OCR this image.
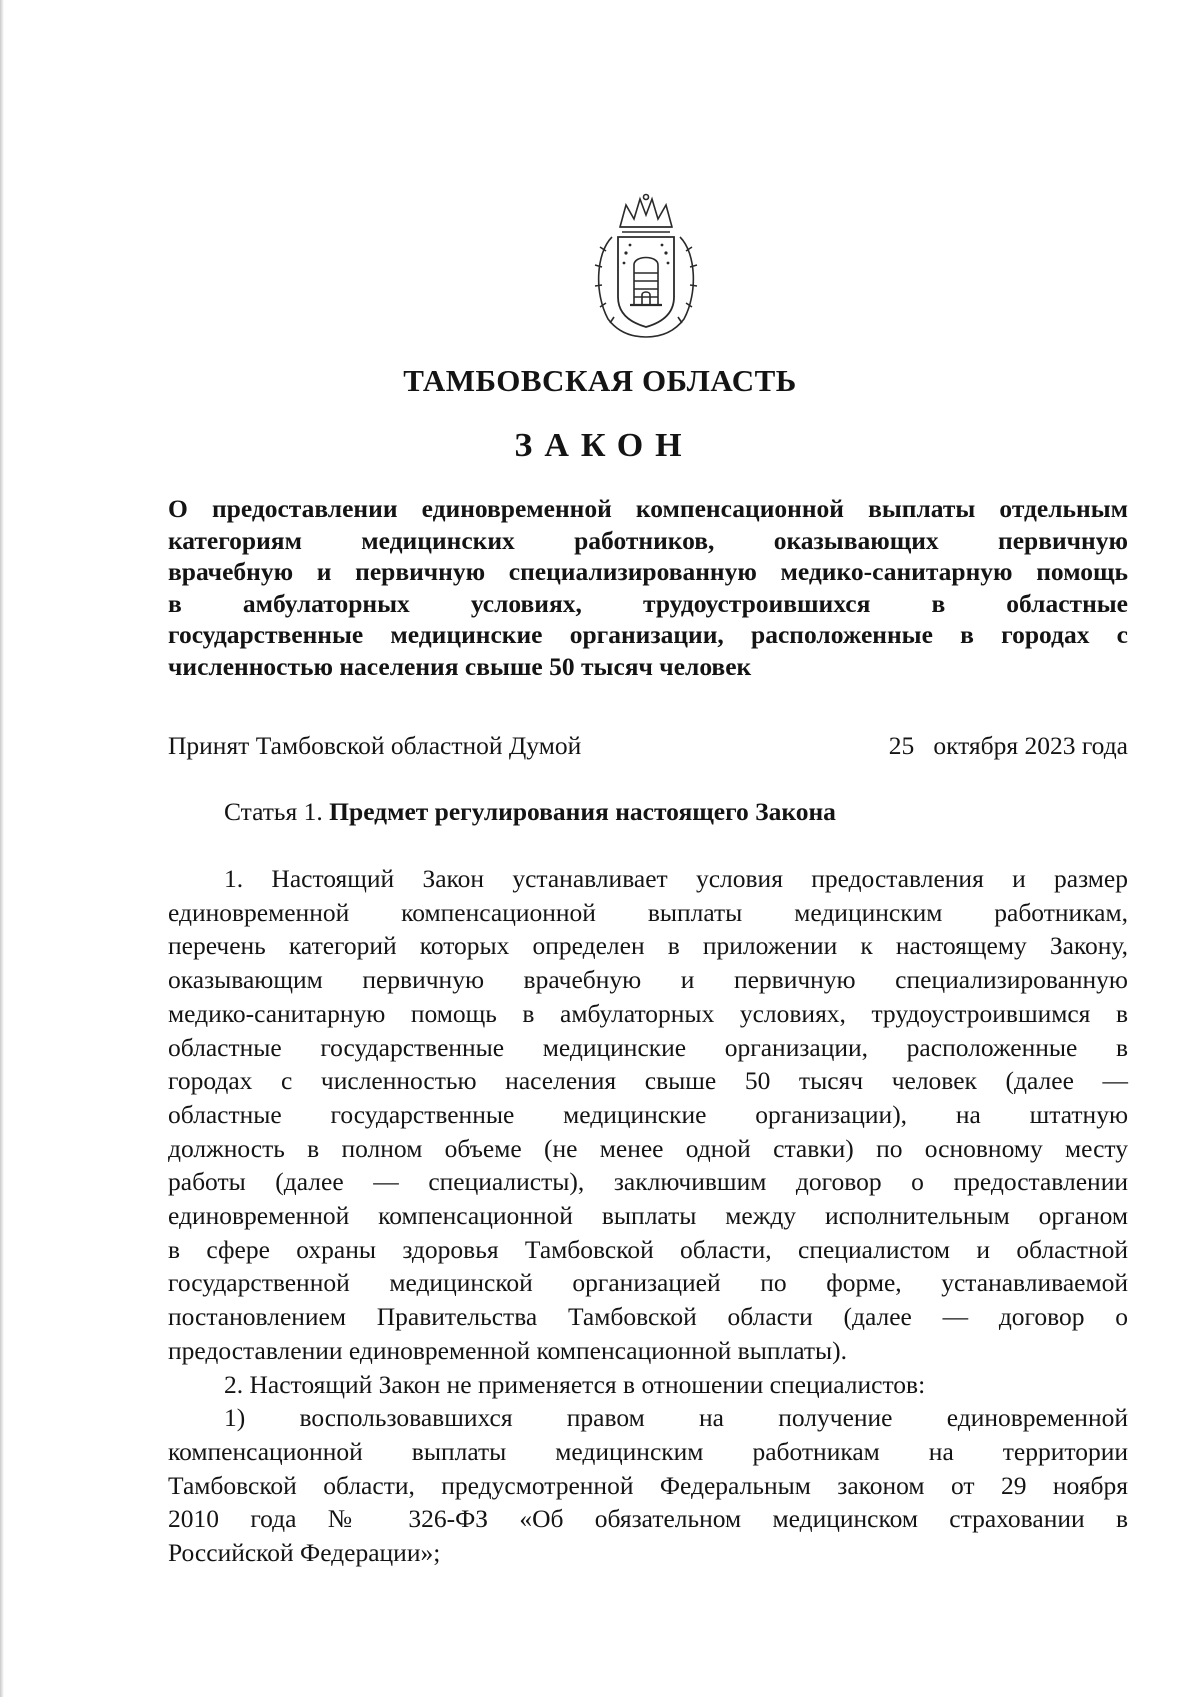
ТАМБОВСКАЯ ОБЛАСТЬ
ЗАКОН
О предоставлении единовременной компенсационной выплаты отдельным
категориям медицинских работников, оказывающих первичную
врачебную и первичную специализированную медико-санитарную помощь
в амбулаторных условиях, трудоустроившихся в областные
государственные медицинские организации, расположенные в городах с
численностью населения свыше 50 тысяч человек
Принят Тамбовской областной Думой	25 октября 2023 года
Статья 1. Предмет регулирования настоящего Закона
1. Настоящий Закон устанавливает условия предоставления и размер
единовременной компенсационной выплаты медицинским работникам,
перечень категорий которых определен в приложении к настоящему Закону,
оказывающим первичную врачебную и первичную специализированную
медико-санитарную помощь в амбулаторных условиях, трудоустроившимся в
областные государственные медицинские организации, расположенные в
городах с численностью населения свыше 50 тысяч человек (далее —
областные государственные медицинские организации), на штатную
должность в полном объеме (не менее одной ставки) по основному месту
работы (далее — специалисты), заключившим договор о предоставлении
единовременной компенсационной выплаты между исполнительным органом
в сфере охраны здоровья Тамбовской области, специалистом и областной
государственной медицинской организацией по форме, устанавливаемой
постановлением Правительства Тамбовской области (далее — договор о
предоставлении единовременной компенсационной выплаты).
2. Настоящий Закон не применяется в отношении специалистов:
1) воспользовавшихся правом на получение единовременной
компенсационной выплаты медицинским работникам на территории
Тамбовской области, предусмотренной Федеральным законом от 29 ноября
2010 года № 326-ФЗ «Об обязательном медицинском страховании в
Российской Федерации»;
